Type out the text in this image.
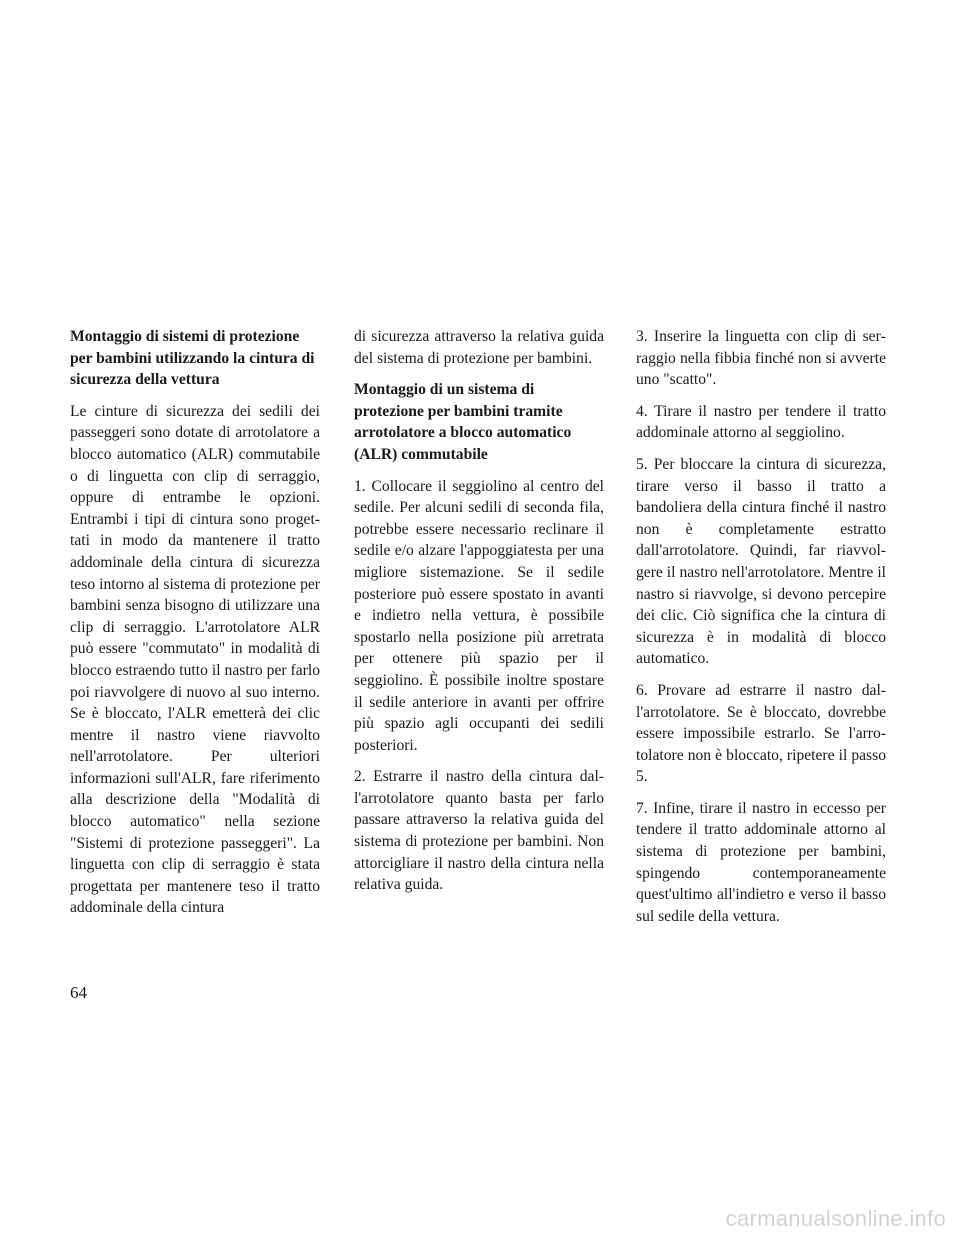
Montaggio di sistemi di protezione per bambini utilizzando la cintura di sicurezza della vettura

Le cinture di sicurezza dei sedili dei passeggeri sono dotate di arrotolatore a blocco automatico (ALR) commutabile o di linguetta con clip di serraggio, oppure di entrambe le opzioni. Entrambi i tipi di cintura sono progettati in modo da mantenere il tratto addominale della cintura di sicurezza teso intorno al sistema di protezione per bambini senza bisogno di utilizzare una clip di serraggio. L'arrotolatore ALR può essere "commutato" in modalità di blocco estraendo tutto il nastro per farlo poi riavvolgere di nuovo al suo interno. Se è bloccato, l'ALR emetterà dei clic mentre il nastro viene riavvolto nell'arrotolatore. Per ulteriori informazioni sull'ALR, fare riferimento alla descrizione della "Modalità di blocco automatico" nella sezione "Sistemi di protezione passeggeri". La linguetta con clip di serraggio è stata progettata per mantenere teso il tratto addominale della cintura

di sicurezza attraverso la relativa guida del sistema di protezione per bambini.

Montaggio di un sistema di protezione per bambini tramite arrotolatore a blocco automatico (ALR) commutabile

1. Collocare il seggiolino al centro del sedile. Per alcuni sedili di seconda fila, potrebbe essere necessario reclinare il sedile e/o alzare l'appoggiatesta per una migliore sistemazione. Se il sedile posteriore può essere spostato in avanti e indietro nella vettura, è possibile spostarlo nella posizione più arretrata per ottenere più spazio per il seggiolino. È possibile inoltre spostare il sedile anteriore in avanti per offrire più spazio agli occupanti dei sedili posteriori.

2. Estrarre il nastro della cintura dall'arrotolatore quanto basta per farlo passare attraverso la relativa guida del sistema di protezione per bambini. Non attorcigliare il nastro della cintura nella relativa guida.

3. Inserire la linguetta con clip di serraggio nella fibbia finché non si avverte uno "scatto".

4. Tirare il nastro per tendere il tratto addominale attorno al seggiolino.

5. Per bloccare la cintura di sicurezza, tirare verso il basso il tratto a bandoliera della cintura finché il nastro non è completamente estratto dall'arrotolatore. Quindi, far riavvolgere il nastro nell'arrotolatore. Mentre il nastro si riavvolge, si devono percepire dei clic. Ciò significa che la cintura di sicurezza è in modalità di blocco automatico.

6. Provare ad estrarre il nastro dall'arrotolatore. Se è bloccato, dovrebbe essere impossibile estrarlo. Se l'arrotolatore non è bloccato, ripetere il passo 5.

7. Infine, tirare il nastro in eccesso per tendere il tratto addominale attorno al sistema di protezione per bambini, spingendo contemporaneamente quest'ultimo all'indietro e verso il basso sul sedile della vettura.

64
carmanualsonline.info
